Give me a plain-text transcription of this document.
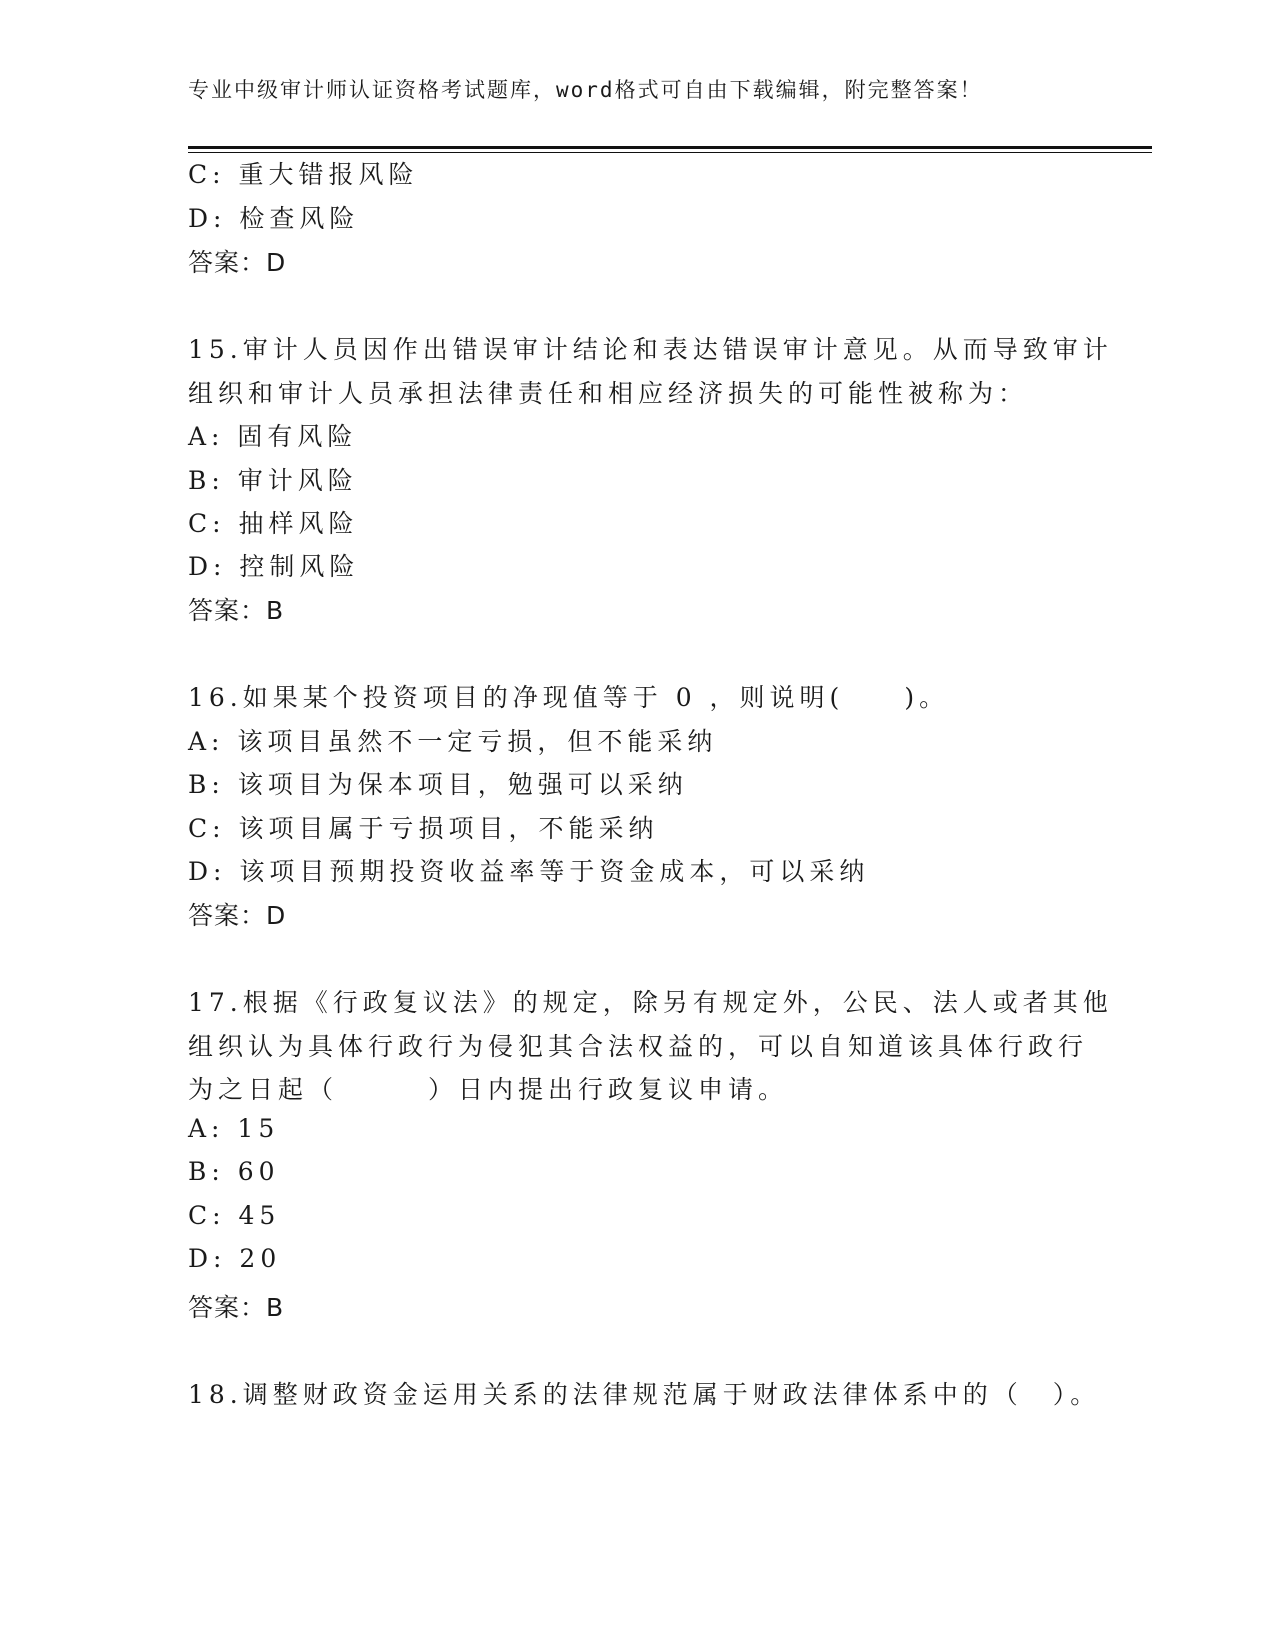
专业中级审计师认证资格考试题库，word格式可自由下载编辑，附完整答案！
C: 重大错报风险
D: 检查风险
答案：D
15.审计人员因作出错误审计结论和表达错误审计意见。从而导致审计
组织和审计人员承担法律责任和相应经济损失的可能性被称为：
A: 固有风险
B: 审计风险
C: 抽样风险
D: 控制风险
答案：B
16.如果某个投资项目的净现值等于 0 ，则说明(　　)。
A: 该项目虽然不一定亏损，但不能采纳
B: 该项目为保本项目，勉强可以采纳
C: 该项目属于亏损项目，不能采纳
D: 该项目预期投资收益率等于资金成本，可以采纳
答案：D
17.根据《行政复议法》的规定，除另有规定外，公民、法人或者其他
组织认为具体行政行为侵犯其合法权益的，可以自知道该具体行政行
为之日起（　　　）日内提出行政复议申请。
A: 15
B: 60
C: 45
D: 20
答案：B
18.调整财政资金运用关系的法律规范属于财政法律体系中的（　）。
